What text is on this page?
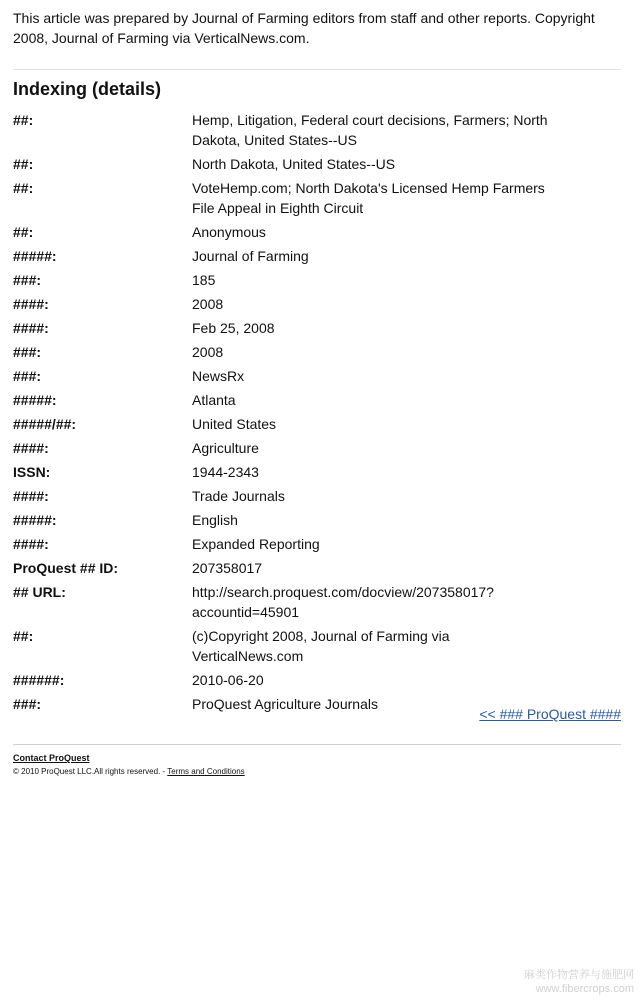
This article was prepared by Journal of Farming editors from staff and other reports. Copyright 2008, Journal of Farming via VerticalNews.com.
Indexing (details)
##:	Hemp, Litigation, Federal court decisions, Farmers; North Dakota, United States--US
##:	North Dakota, United States--US
##:	VoteHemp.com; North Dakota's Licensed Hemp Farmers File Appeal in Eighth Circuit
##:	Anonymous
#####:	Journal of Farming
###:	185
####:	2008
####:	Feb 25, 2008
###:	2008
###:	NewsRx
#####:	Atlanta
#####/##:	United States
####:	Agriculture
ISSN:	1944-2343
####:	Trade Journals
#####:	English
####:	Expanded Reporting
ProQuest ## ID:	207358017
## URL:	http://search.proquest.com/docview/207358017?accountid=45901
##:	(c)Copyright 2008, Journal of Farming via VerticalNews.com
######:	2010-06-20
###:	ProQuest Agriculture Journals
<< ### ProQuest ####
Contact ProQuest
© 2010 ProQuest LLC.All rights reserved. - Terms and Conditions
麻类作物营养与施肥网
www.fibercrops.com
